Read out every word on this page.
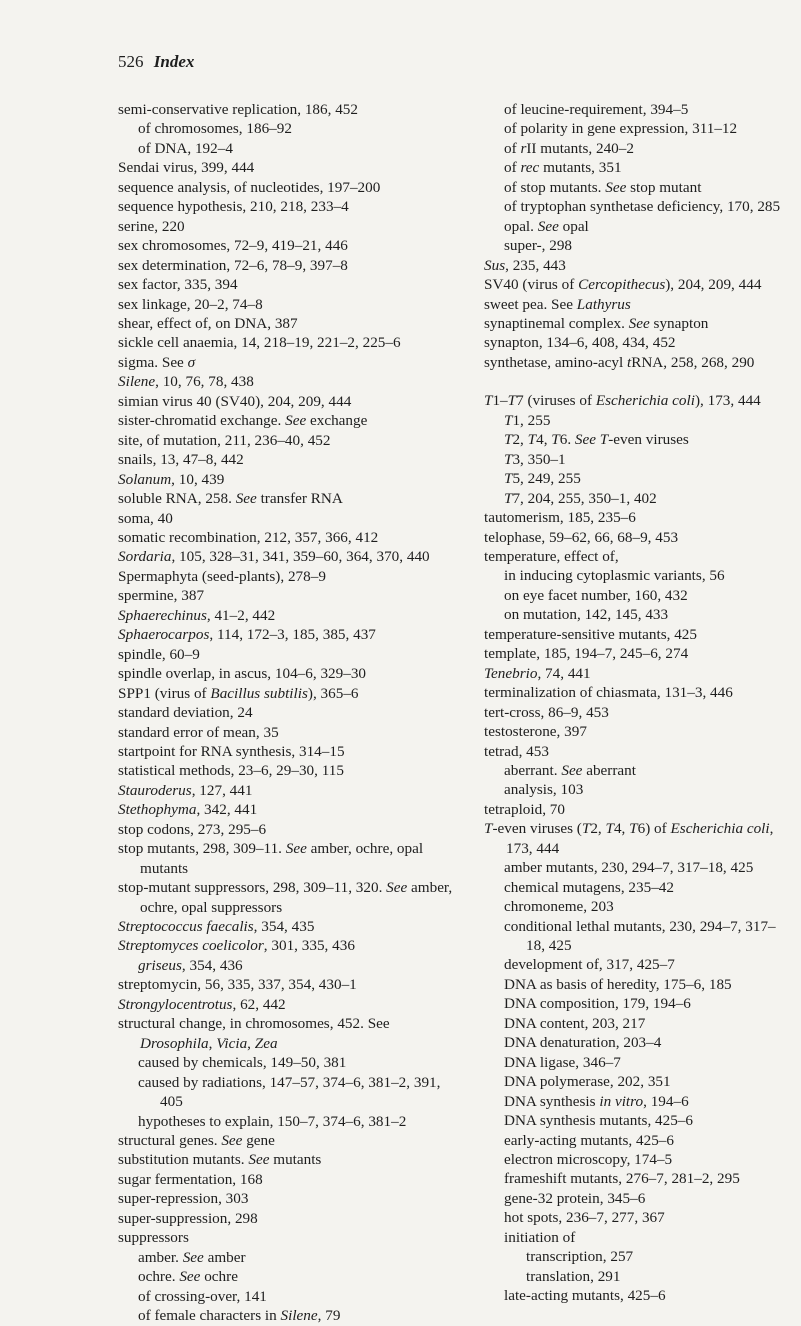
526 Index

semi-conservative replication, 186, 452

of chromosomes, 186–92

of DNA, 192–4

Sendai virus, 399, 444

sequence analysis, of nucleotides, 197–200

sequence hypothesis, 210, 218, 233–4

serine, 220

sex chromosomes, 72–9, 419–21, 446

sex determination, 72–6, 78–9, 397–8

sex factor, 335, 394

sex linkage, 20–2, 74–8

shear, effect of, on DNA, 387

sickle cell anaemia, 14, 218–19, 221–2, 225–6

sigma. See σ

Silene, 10, 76, 78, 438

simian virus 40 (SV40), 204, 209, 444

sister-chromatid exchange. See exchange

site, of mutation, 211, 236–40, 452

snails, 13, 47–8, 442

Solanum, 10, 439

soluble RNA, 258. See transfer RNA

soma, 40

somatic recombination, 212, 357, 366, 412

Sordaria, 105, 328–31, 341, 359–60, 364, 370, 440

Spermaphyta (seed-plants), 278–9

spermine, 387

Sphaerechinus, 41–2, 442

Sphaerocarpos, 114, 172–3, 185, 385, 437

spindle, 60–9

spindle overlap, in ascus, 104–6, 329–30

SPP1 (virus of Bacillus subtilis), 365–6

standard deviation, 24

standard error of mean, 35

startpoint for RNA synthesis, 314–15

statistical methods, 23–6, 29–30, 115

Stauroderus, 127, 441

Stethophyma, 342, 441

stop codons, 273, 295–6

stop mutants, 298, 309–11. See amber, ochre, opal mutants

stop-mutant suppressors, 298, 309–11, 320. See amber, ochre, opal suppressors

Streptococcus faecalis, 354, 435

Streptomyces coelicolor, 301, 335, 436

griseus, 354, 436

streptomycin, 56, 335, 337, 354, 430–1

Strongylocentrotus, 62, 442

structural change, in chromosomes, 452. See Drosophila, Vicia, Zea

caused by chemicals, 149–50, 381

caused by radiations, 147–57, 374–6, 381–2, 391, 405

hypotheses to explain, 150–7, 374–6, 381–2

structural genes. See gene

substitution mutants. See mutants

sugar fermentation, 168

super-repression, 303

super-suppression, 298

suppressors

amber. See amber

ochre. See ochre

of crossing-over, 141

of female characters in Silene, 79

of leucine-requirement, 394–5

of polarity in gene expression, 311–12

of rII mutants, 240–2

of rec mutants, 351

of stop mutants. See stop mutant

of tryptophan synthetase deficiency, 170, 285

opal. See opal

super-, 298

Sus, 235, 443

SV40 (virus of Cercopithecus), 204, 209, 444

sweet pea. See Lathyrus

synaptinemal complex. See synapton

synapton, 134–6, 408, 434, 452

synthetase, amino-acyl tRNA, 258, 268, 290

T1–T7 (viruses of Escherichia coli), 173, 444

T1, 255

T2, T4, T6. See T-even viruses

T3, 350–1

T5, 249, 255

T7, 204, 255, 350–1, 402

tautomerism, 185, 235–6

telophase, 59–62, 66, 68–9, 453

temperature, effect of,

in inducing cytoplasmic variants, 56

on eye facet number, 160, 432

on mutation, 142, 145, 433

temperature-sensitive mutants, 425

template, 185, 194–7, 245–6, 274

Tenebrio, 74, 441

terminalization of chiasmata, 131–3, 446

tert-cross, 86–9, 453

testosterone, 397

tetrad, 453

aberrant. See aberrant

analysis, 103

tetraploid, 70

T-even viruses (T2, T4, T6) of Escherichia coli, 173, 444

amber mutants, 230, 294–7, 317–18, 425

chemical mutagens, 235–42

chromoneme, 203

conditional lethal mutants, 230, 294–7, 317–18, 425

development of, 317, 425–7

DNA as basis of heredity, 175–6, 185

DNA composition, 179, 194–6

DNA content, 203, 217

DNA denaturation, 203–4

DNA ligase, 346–7

DNA polymerase, 202, 351

DNA synthesis in vitro, 194–6

DNA synthesis mutants, 425–6

early-acting mutants, 425–6

electron microscopy, 174–5

frameshift mutants, 276–7, 281–2, 295

gene-32 protein, 345–6

hot spots, 236–7, 277, 367

initiation of

transcription, 257

translation, 291

late-acting mutants, 425–6
